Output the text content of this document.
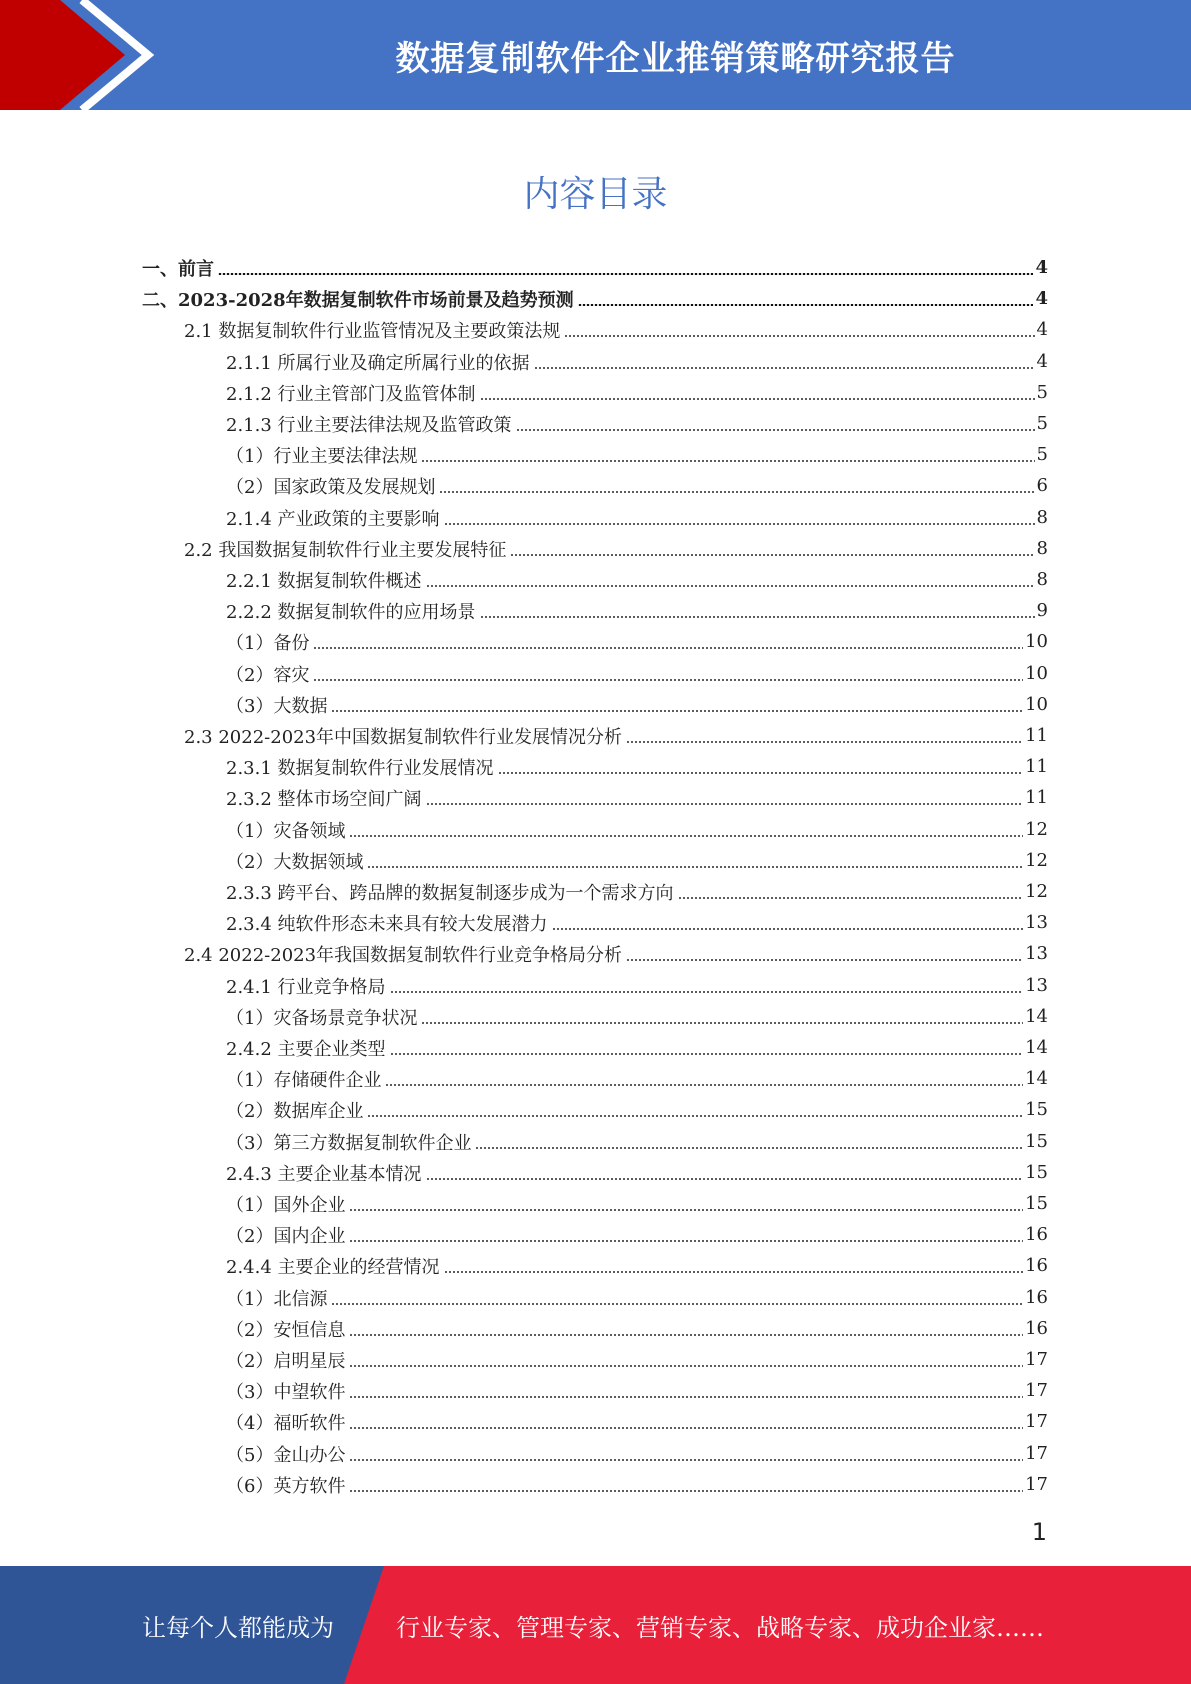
数据复制软件企业推销策略研究报告
内容目录
一、前言	4
二、2023-2028年数据复制软件市场前景及趋势预测	4
2.1 数据复制软件行业监管情况及主要政策法规	4
2.1.1 所属行业及确定所属行业的依据	4
2.1.2 行业主管部门及监管体制	5
2.1.3 行业主要法律法规及监管政策	5
（1）行业主要法律法规	5
（2）国家政策及发展规划	6
2.1.4 产业政策的主要影响	8
2.2 我国数据复制软件行业主要发展特征	8
2.2.1 数据复制软件概述	8
2.2.2 数据复制软件的应用场景	9
（1）备份	10
（2）容灾	10
（3）大数据	10
2.3 2022-2023年中国数据复制软件行业发展情况分析	11
2.3.1 数据复制软件行业发展情况	11
2.3.2 整体市场空间广阔	11
（1）灾备领域	12
（2）大数据领域	12
2.3.3 跨平台、跨品牌的数据复制逐步成为一个需求方向	12
2.3.4 纯软件形态未来具有较大发展潜力	13
2.4 2022-2023年我国数据复制软件行业竞争格局分析	13
2.4.1 行业竞争格局	13
（1）灾备场景竞争状况	14
2.4.2 主要企业类型	14
（1）存储硬件企业	14
（2）数据库企业	15
（3）第三方数据复制软件企业	15
2.4.3 主要企业基本情况	15
（1）国外企业	15
（2）国内企业	16
2.4.4 主要企业的经营情况	16
（1）北信源	16
（2）安恒信息	16
（2）启明星辰	17
（3）中望软件	17
（4）福昕软件	17
（5）金山办公	17
（6）英方软件	17
1
让每个人都能成为	行业专家、管理专家、营销专家、战略专家、成功企业家……
